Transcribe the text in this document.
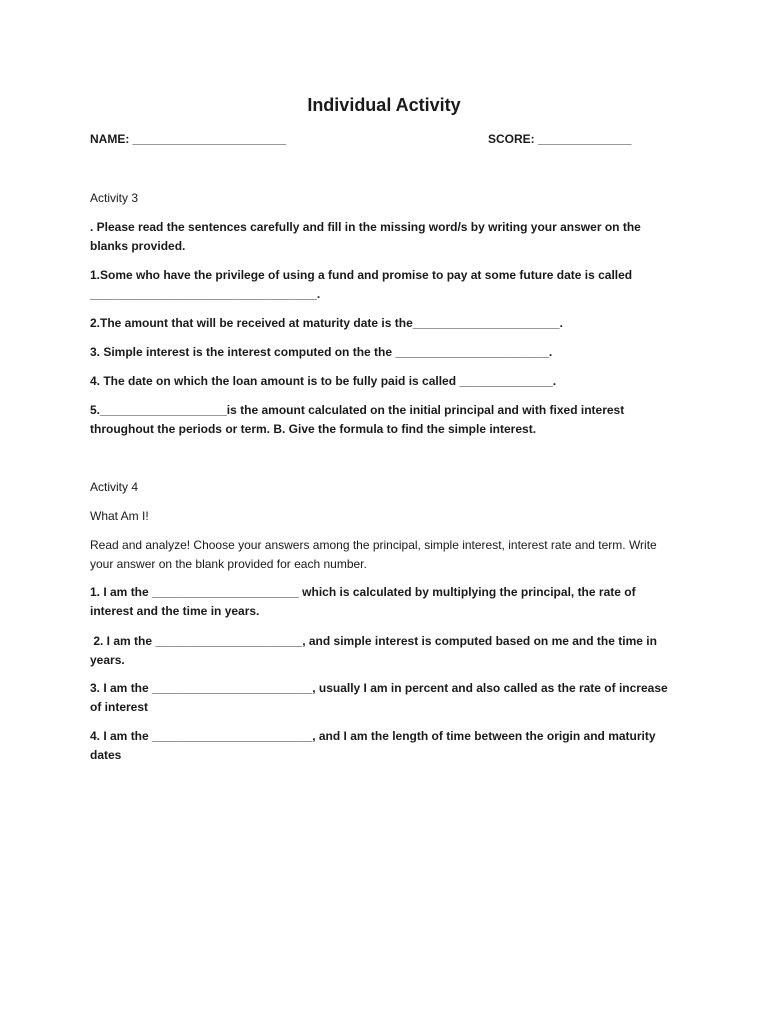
Individual Activity

NAME: _______________________	SCORE: ______________

Activity 3

. Please read the sentences carefully and fill in the missing word/s by writing your answer on the blanks provided.

1.Some who have the privilege of using a fund and promise to pay at some future date is called __________________________________.

2.The amount that will be received at maturity date is the______________________.

3. Simple interest is the interest computed on the the _______________________.

4. The date on which the loan amount is to be fully paid is called ______________.

5.___________________is the amount calculated on the initial principal and with fixed interest throughout the periods or term. B. Give the formula to find the simple interest.

Activity 4

What Am I!

Read and analyze! Choose your answers among the principal, simple interest, interest rate and term. Write your answer on the blank provided for each number.

1. I am the ______________________ which is calculated by multiplying the principal, the rate of interest and the time in years.

2. I am the ______________________, and simple interest is computed based on me and the time in years.

3. I am the ________________________, usually I am in percent and also called as the rate of increase of interest

4. I am the ________________________, and I am the length of time between the origin and maturity dates
